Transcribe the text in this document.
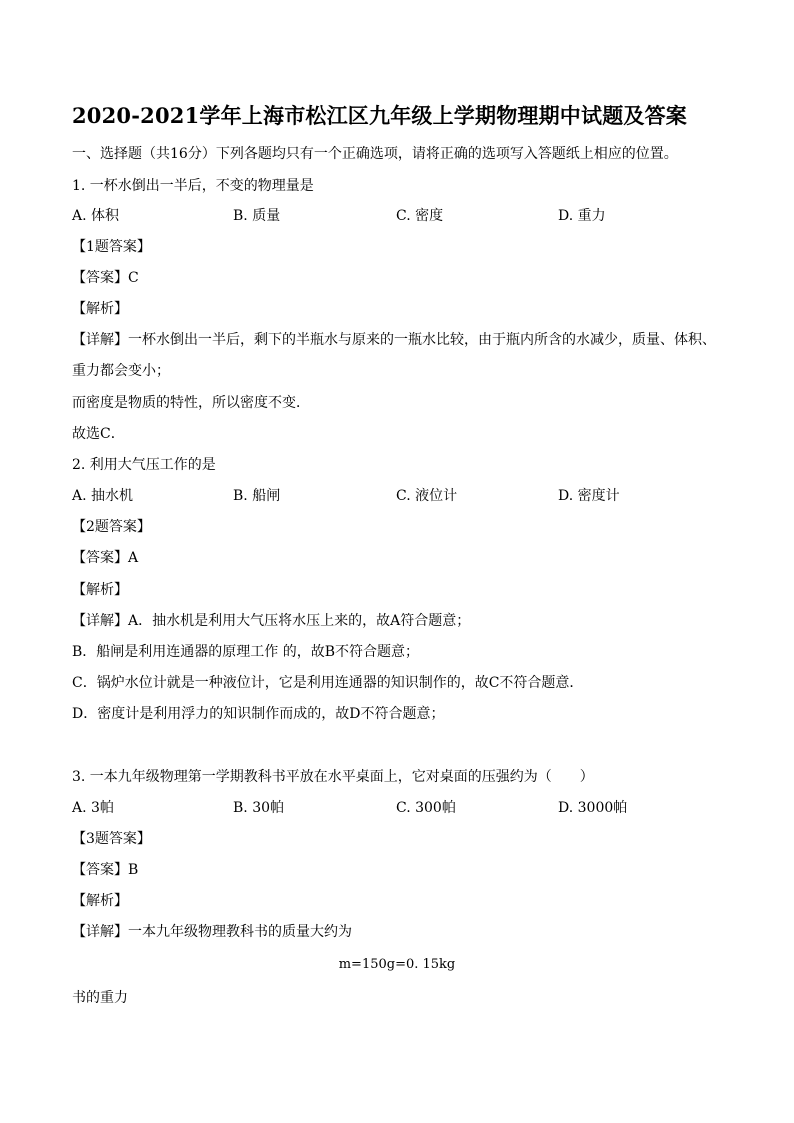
2020-2021学年上海市松江区九年级上学期物理期中试题及答案
一、选择题（共16分）下列各题均只有一个正确选项，请将正确的选项写入答题纸上相应的位置。
1. 一杯水倒出一半后，不变的物理量是
A. 体积	B. 质量	C. 密度	D. 重力
【1题答案】
【答案】C
【解析】
【详解】一杯水倒出一半后，剩下的半瓶水与原来的一瓶水比较，由于瓶内所含的水减少，质量、体积、
重力都会变小；
而密度是物质的特性，所以密度不变．
故选C．
2. 利用大气压工作的是
A. 抽水机	B. 船闸	C. 液位计	D. 密度计
【2题答案】
【答案】A
【解析】
【详解】A．抽水机是利用大气压将水压上来的，故A符合题意；
B．船闸是利用连通器的原理工作 的，故B不符合题意；
C．锅炉水位计就是一种液位计，它是利用连通器的知识制作的，故C不符合题意．
D．密度计是利用浮力的知识制作而成的，故D不符合题意；
3. 一本九年级物理第一学期教科书平放在水平桌面上，它对桌面的压强约为（　　）
A. 3帕	B. 30帕	C. 300帕	D. 3000帕
【3题答案】
【答案】B
【解析】
【详解】一本九年级物理教科书的质量大约为
m=150g=0. 15kg
书的重力
